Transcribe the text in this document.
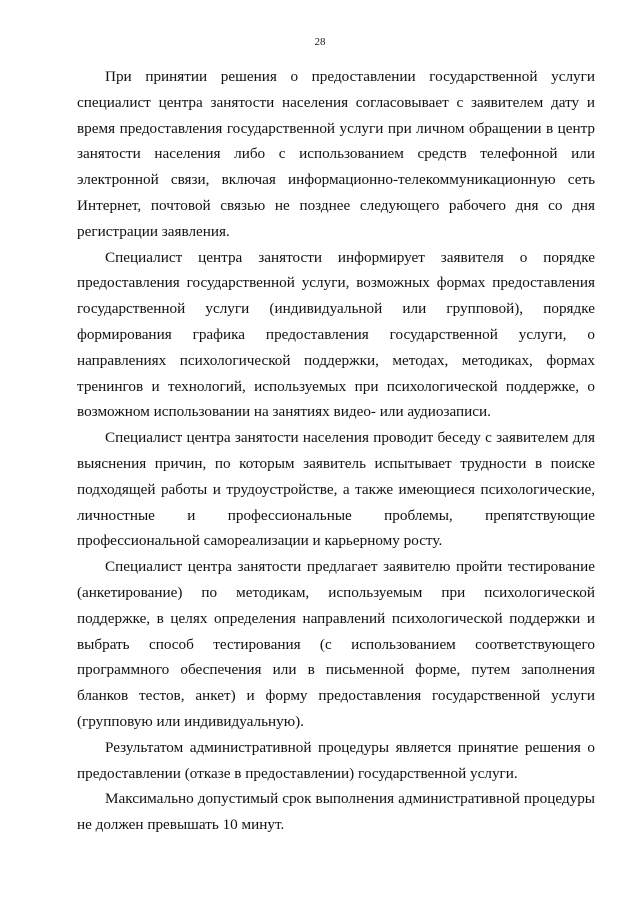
28

При принятии решения о предоставлении государственной услуги специалист центра занятости населения согласовывает с заявителем дату и время предоставления государственной услуги при личном обращении в центр занятости населения либо с использованием средств телефонной или электронной связи, включая информационно-телекоммуникационную сеть Интернет, почтовой связью не позднее следующего рабочего дня со дня регистрации заявления.

Специалист центра занятости информирует заявителя о порядке предоставления государственной услуги, возможных формах предоставления государственной услуги (индивидуальной или групповой), порядке формирования графика предоставления государственной услуги, о направлениях психологической поддержки, методах, методиках, формах тренингов и технологий, используемых при психологической поддержке, о возможном использовании на занятиях видео- или аудиозаписи.

Специалист центра занятости населения проводит беседу с заявителем для выяснения причин, по которым заявитель испытывает трудности в поиске подходящей работы и трудоустройстве, а также имеющиеся психологические, личностные и профессиональные проблемы, препятствующие профессиональной самореализации и карьерному росту.

Специалист центра занятости предлагает заявителю пройти тестирование (анкетирование) по методикам, используемым при психологической поддержке, в целях определения направлений психологической поддержки и выбрать способ тестирования (с использованием соответствующего программного обеспечения или в письменной форме, путем заполнения бланков тестов, анкет) и форму предоставления государственной услуги (групповую или индивидуальную).

Результатом административной процедуры является принятие решения о предоставлении (отказе в предоставлении) государственной услуги.

Максимально допустимый срок выполнения административной процедуры не должен превышать 10 минут.
